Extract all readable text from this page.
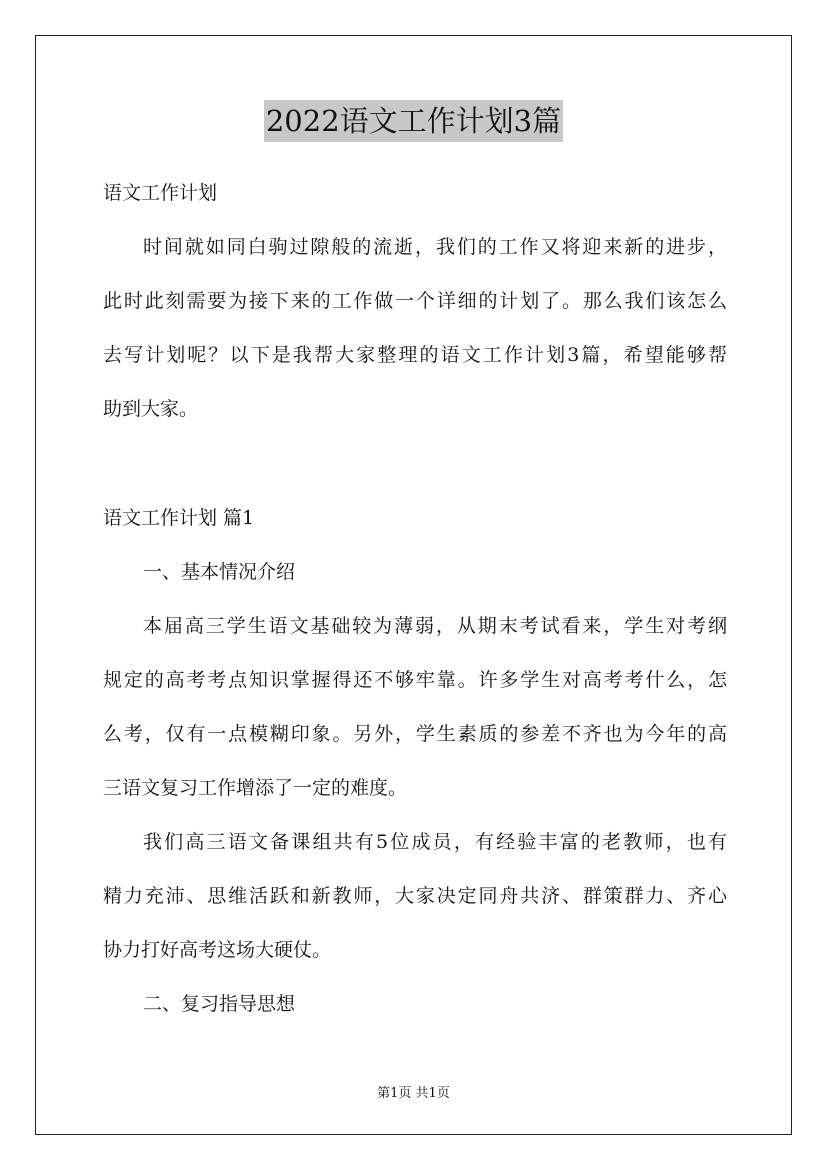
2022语文工作计划3篇
语文工作计划
时间就如同白驹过隙般的流逝，我们的工作又将迎来新的进步，
此时此刻需要为接下来的工作做一个详细的计划了。那么我们该怎么
去写计划呢？以下是我帮大家整理的语文工作计划3篇，希望能够帮
助到大家。
语文工作计划 篇1
一、基本情况介绍
本届高三学生语文基础较为薄弱，从期末考试看来，学生对考纲
规定的高考考点知识掌握得还不够牢靠。许多学生对高考考什么，怎
么考，仅有一点模糊印象。另外，学生素质的参差不齐也为今年的高
三语文复习工作增添了一定的难度。
我们高三语文备课组共有5位成员，有经验丰富的老教师，也有
精力充沛、思维活跃和新教师，大家决定同舟共济、群策群力、齐心
协力打好高考这场大硬仗。
二、复习指导思想
第1页 共1页
